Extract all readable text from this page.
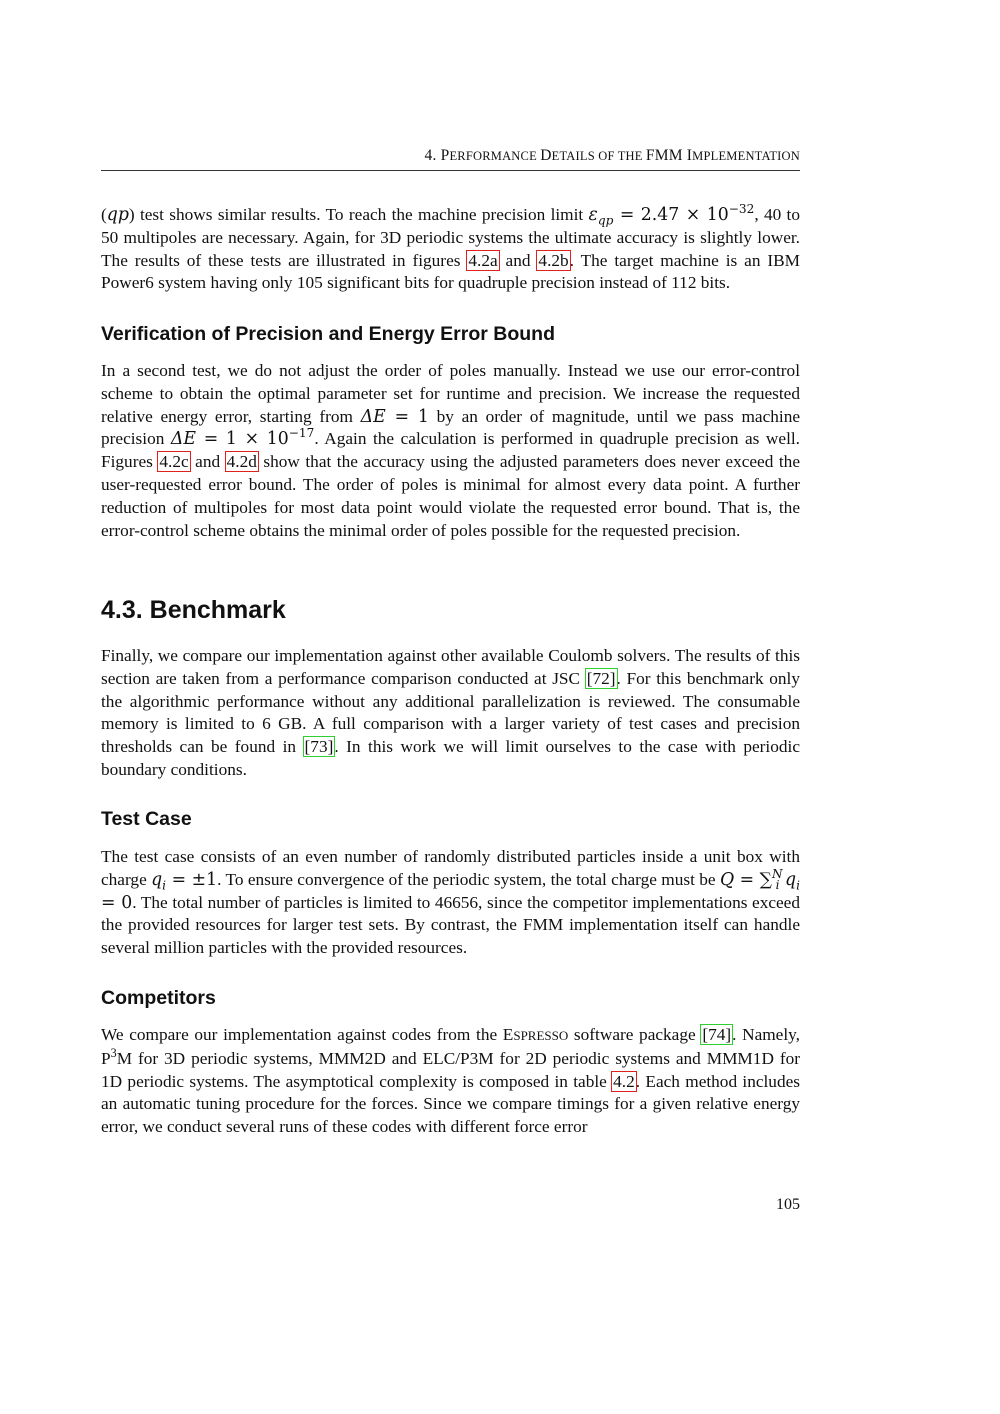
4. PERFORMANCE DETAILS OF THE FMM IMPLEMENTATION

(qp) test shows similar results. To reach the machine precision limit $\varepsilon_{qp} = 2.47 \times 10^{-32}$, 40 to 50 multipoles are necessary. Again, for 3D periodic systems the ultimate accuracy is slightly lower. The results of these tests are illustrated in figures 4.2a and 4.2b. The target machine is an IBM Power6 system having only 105 significant bits for quadruple precision instead of 112 bits.

Verification of Precision and Energy Error Bound

In a second test, we do not adjust the order of poles manually. Instead we use our error-control scheme to obtain the optimal parameter set for runtime and precision. We increase the requested relative energy error, starting from ΔE = 1 by an order of magnitude, until we pass machine precision $\Delta E = 1 \times 10^{-17}$. Again the calculation is performed in quadruple precision as well. Figures 4.2c and 4.2d show that the accuracy using the adjusted parameters does never exceed the user-requested error bound. The order of poles is minimal for almost every data point. A further reduction of multipoles for most data point would violate the requested error bound. That is, the error-control scheme obtains the minimal order of poles possible for the requested precision.

4.3. Benchmark

Finally, we compare our implementation against other available Coulomb solvers. The results of this section are taken from a performance comparison conducted at JSC [72]. For this benchmark only the algorithmic performance without any additional parallelization is reviewed. The consumable memory is limited to 6 GB. A full comparison with a larger variety of test cases and precision thresholds can be found in [73]. In this work we will limit ourselves to the case with periodic boundary conditions.

Test Case

The test case consists of an even number of randomly distributed particles inside a unit box with charge $q_i = \pm 1$. To ensure convergence of the periodic system, the total charge must be Q = ∑$^N_i$ $q_i = 0$. The total number of particles is limited to 46656, since the competitor implementations exceed the provided resources for larger test sets. By contrast, the FMM implementation itself can handle several million particles with the provided resources.

Competitors

We compare our implementation against codes from the ESPRESSO software package [74]. Namely, $P^3M$ for 3D periodic systems, MMM2D and ELC/P3M for 2D periodic systems and MMM1D for 1D periodic systems. The asymptotical complexity is composed in table 4.2. Each method includes an automatic tuning procedure for the forces. Since we compare timings for a given relative energy error, we conduct several runs of these codes with different force error

105
